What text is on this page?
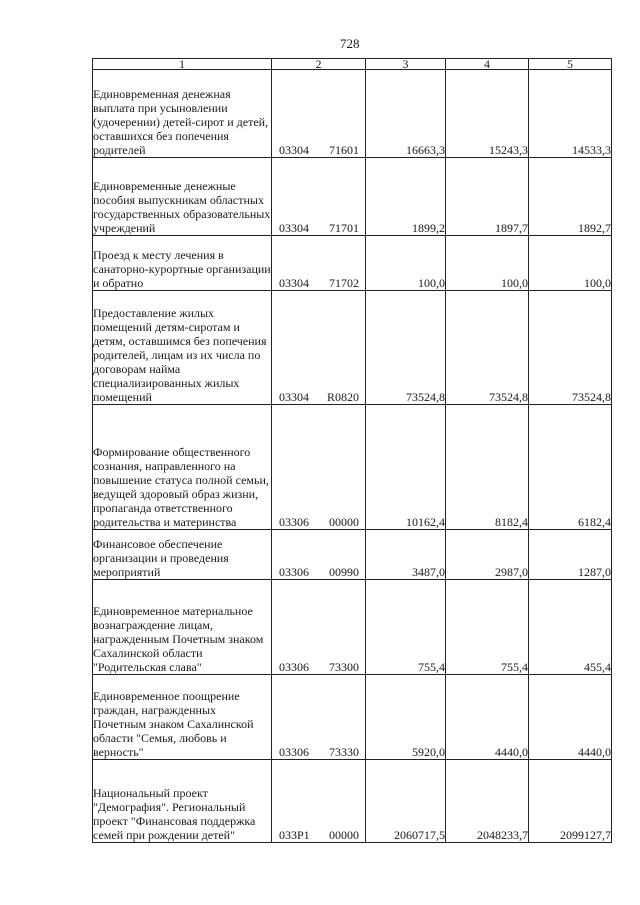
728
1	2	3	4	5

Единовременная денежная выплата при усыновлении (удочерении) детей-сирот и детей, оставшихся без попечения родителей	03304 71601	16663,3	15243,3	14533,3

Единовременные денежные пособия выпускникам областных государственных образовательных учреждений	03304 71701	1899,2	1897,7	1892,7

Проезд к месту лечения в санаторно-курортные организации и обратно	03304 71702	100,0	100,0	100,0

Предоставление жилых помещений детям-сиротам и детям, оставшимся без попечения родителей, лицам из их числа по договорам найма специализированных жилых помещений	03304 R0820	73524,8	73524,8	73524,8

Формирование общественного сознания, направленного на повышение статуса полной семьи, ведущей здоровый образ жизни, пропаганда ответственного родительства и материнства	03306 00000	10162,4	8182,4	6182,4

Финансовое обеспечение организации и проведения мероприятий	03306 00990	3487,0	2987,0	1287,0

Единовременное материальное вознаграждение лицам, награжденным Почетным знаком Сахалинской области "Родительская слава"	03306 73300	755,4	755,4	455,4

Единовременное поощрение граждан, награжденных Почетным знаком Сахалинской области "Семья, любовь и верность"	03306 73330	5920,0	4440,0	4440,0

Национальный проект "Демография". Региональный проект "Финансовая поддержка семей при рождении детей"	033P1 00000	2060717,5	2048233,7	2099127,7
